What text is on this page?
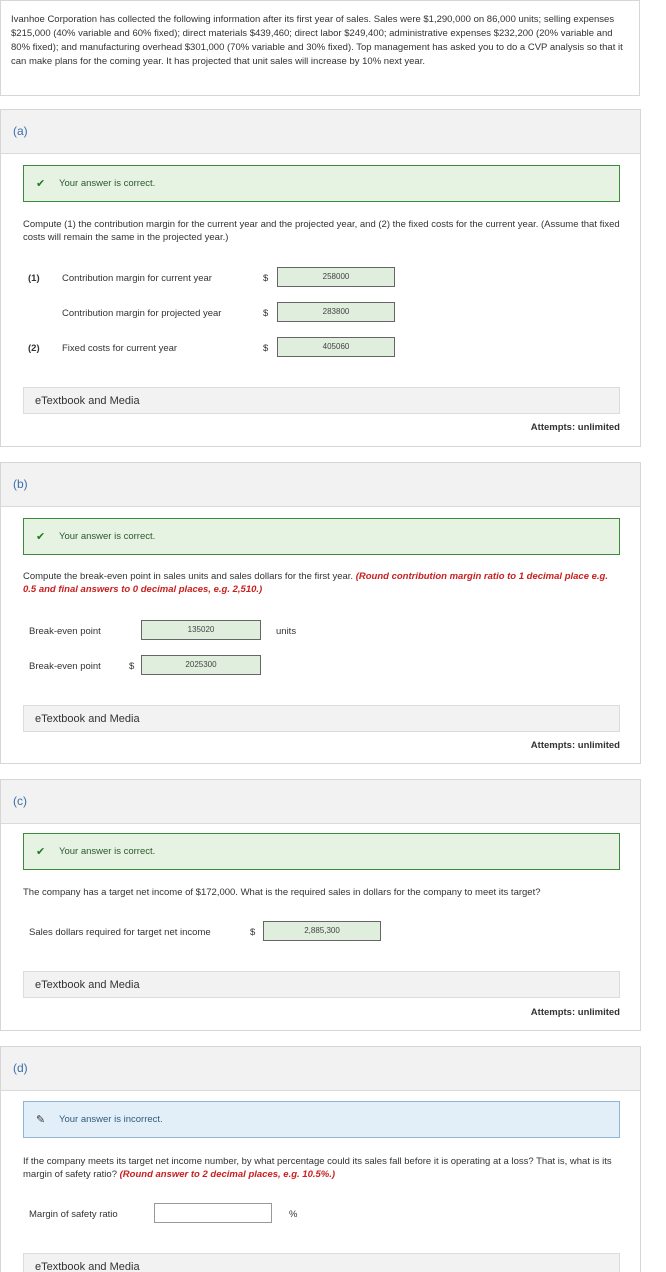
Ivanhoe Corporation has collected the following information after its first year of sales. Sales were $1,290,000 on 86,000 units; selling expenses $215,000 (40% variable and 60% fixed); direct materials $439,460; direct labor $249,400; administrative expenses $232,200 (20% variable and 80% fixed); and manufacturing overhead $301,000 (70% variable and 30% fixed). Top management has asked you to do a CVP analysis so that it can make plans for the coming year. It has projected that unit sales will increase by 10% next year.
(a)
✔ Your answer is correct.
Compute (1) the contribution margin for the current year and the projected year, and (2) the fixed costs for the current year. (Assume that fixed costs will remain the same in the projected year.)
(1) Contribution margin for current year	$	258000
Contribution margin for projected year	$	283800
(2) Fixed costs for current year	$	405060
eTextbook and Media
Attempts: unlimited
(b)
✔ Your answer is correct.
Compute the break-even point in sales units and sales dollars for the first year. (Round contribution margin ratio to 1 decimal place e.g. 0.5 and final answers to 0 decimal places, e.g. 2,510.)
Break-even point	135020	units
Break-even point	$	2025300
eTextbook and Media
Attempts: unlimited
(c)
✔ Your answer is correct.
The company has a target net income of $172,000. What is the required sales in dollars for the company to meet its target?
Sales dollars required for target net income	$	2,885,300
eTextbook and Media
Attempts: unlimited
(d)
✎ Your answer is incorrect.
If the company meets its target net income number, by what percentage could its sales fall before it is operating at a loss? That is, what is its margin of safety ratio? (Round answer to 2 decimal places, e.g. 10.5%.)
Margin of safety ratio	%
eTextbook and Media
